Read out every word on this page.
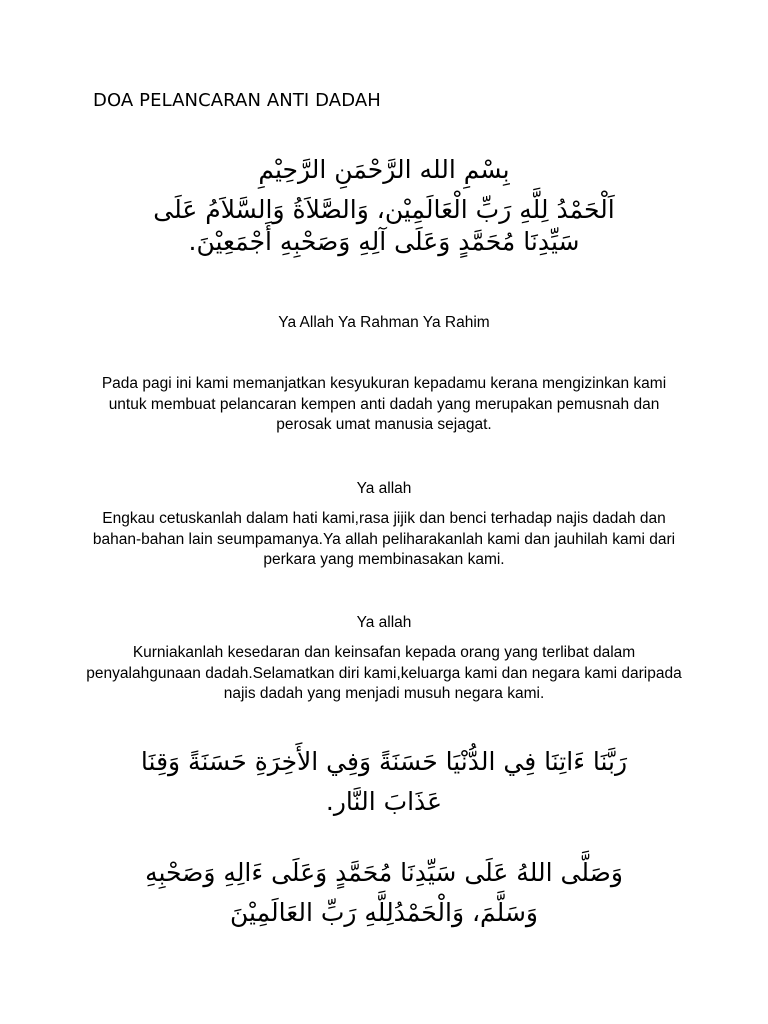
DOA PELANCARAN ANTI DADAH

بِسْمِ الله الرَّحْمَنِ الرَّحِيْمِ

اَلْحَمْدُ لِلَّهِ رَبِّ الْعَالَمِيْن، وَالصَّلاَةُ وَالسَّلاَمُ عَلَى

سَيِّدِنَا مُحَمَّدٍ وَعَلَى آلِهِ وَصَحْبِهِ أَجْمَعِيْنَ.

Ya Allah Ya Rahman Ya Rahim
Pada pagi ini kami memanjatkan kesyukuran kepadamu kerana mengizinkan kami untuk membuat pelancaran kempen anti dadah yang merupakan pemusnah dan perosak umat manusia sejagat.
Ya allah
Engkau cetuskanlah dalam hati kami,rasa jijik dan benci terhadap najis dadah dan bahan-bahan lain seumpamanya.Ya allah peliharakanlah kami dan jauhilah kami dari perkara yang membinasakan kami.
Ya allah
Kurniakanlah kesedaran dan keinsafan kepada orang yang terlibat dalam penyalahgunaan dadah.Selamatkan diri kami,keluarga kami dan negara kami daripada najis dadah yang menjadi musuh negara kami.

رَبَّنَا ءَاتِنَا فِي الدُّنْيَا حَسَنَةً وَفِي الأَخِرَةِ حَسَنَةً وَقِنَا

عَذَابَ النَّار.

وَصَلَّى اللهُ عَلَى سَيِّدِنَا مُحَمَّدٍ وَعَلَى ءَالِهِ وَصَحْبِهِ

وَسَلَّمَ، وَالْحَمْدُلِلَّهِ رَبِّ العَالَمِيْنَ
